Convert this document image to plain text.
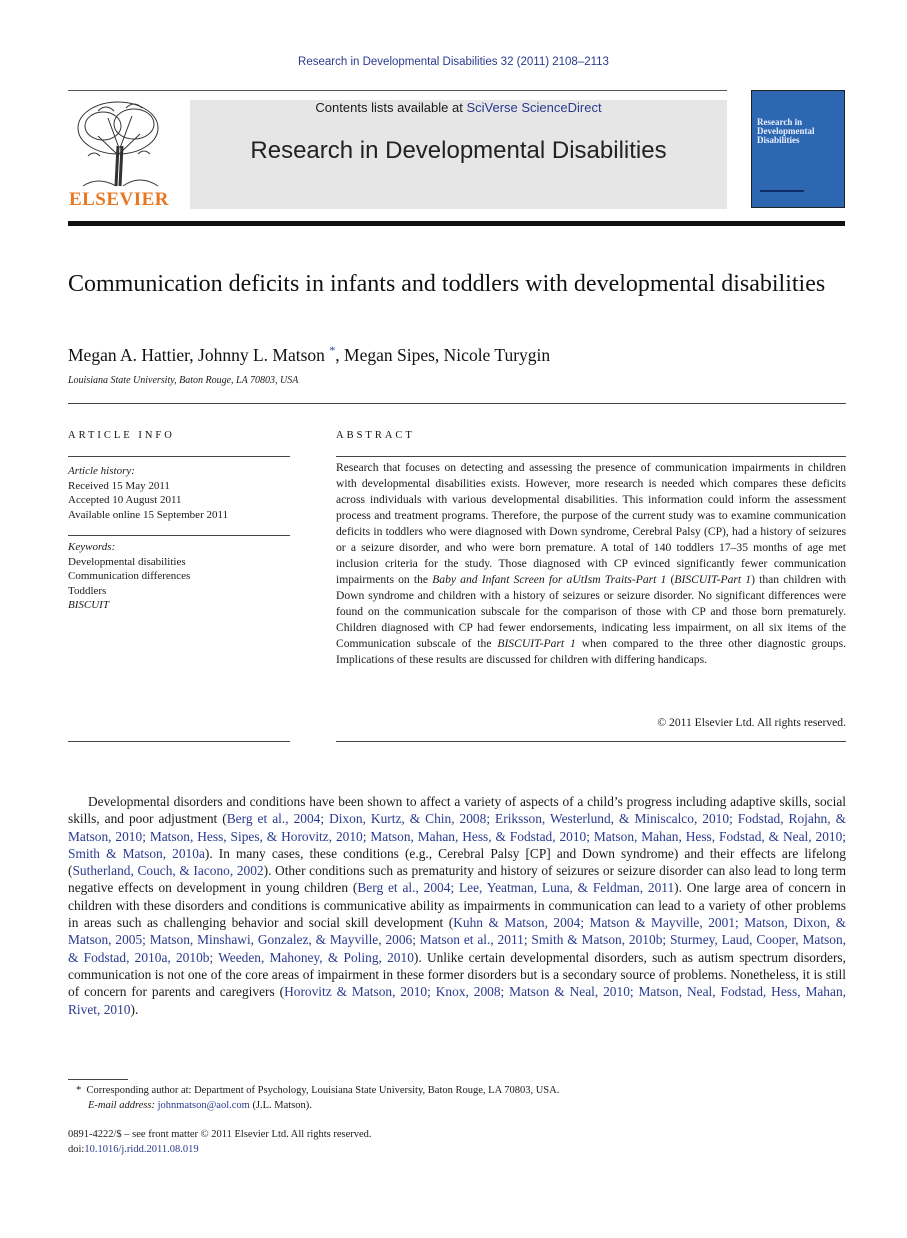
Research in Developmental Disabilities 32 (2011) 2108–2113
ELSEVIER
Contents lists available at SciVerse ScienceDirect
Research in Developmental Disabilities
Research in Developmental Disabilities
Communication deficits in infants and toddlers with developmental disabilities
Megan A. Hattier, Johnny L. Matson *, Megan Sipes, Nicole Turygin
Louisiana State University, Baton Rouge, LA 70803, USA
ARTICLE INFO
Article history:
Received 15 May 2011
Accepted 10 August 2011
Available online 15 September 2011
Keywords:
Developmental disabilities
Communication differences
Toddlers
BISCUIT
ABSTRACT
Research that focuses on detecting and assessing the presence of communication impairments in children with developmental disabilities exists. However, more research is needed which compares these deficits across individuals with various developmental disabilities. This information could inform the assessment process and treatment programs. Therefore, the purpose of the current study was to examine communication deficits in toddlers who were diagnosed with Down syndrome, Cerebral Palsy (CP), had a history of seizures or a seizure disorder, and who were born premature. A total of 140 toddlers 17–35 months of age met inclusion criteria for the study. Those diagnosed with CP evinced significantly fewer communication impairments on the Baby and Infant Screen for aUtIsm Traits-Part 1 (BISCUIT-Part 1) than children with Down syndrome and children with a history of seizures or seizure disorder. No significant differences were found on the communication subscale for the comparison of those with CP and those born prematurely. Children diagnosed with CP had fewer endorsements, indicating less impairment, on all six items of the Communication subscale of the BISCUIT-Part 1 when compared to the three other diagnostic groups. Implications of these results are discussed for children with differing handicaps.
© 2011 Elsevier Ltd. All rights reserved.
Developmental disorders and conditions have been shown to affect a variety of aspects of a child’s progress including adaptive skills, social skills, and poor adjustment (Berg et al., 2004; Dixon, Kurtz, & Chin, 2008; Eriksson, Westerlund, & Miniscalco, 2010; Fodstad, Rojahn, & Matson, 2010; Matson, Hess, Sipes, & Horovitz, 2010; Matson, Mahan, Hess, & Fodstad, 2010; Matson, Mahan, Hess, Fodstad, & Neal, 2010; Smith & Matson, 2010a). In many cases, these conditions (e.g., Cerebral Palsy [CP] and Down syndrome) and their effects are lifelong (Sutherland, Couch, & Iacono, 2002). Other conditions such as prematurity and history of seizures or seizure disorder can also lead to long term negative effects on development in young children (Berg et al., 2004; Lee, Yeatman, Luna, & Feldman, 2011). One large area of concern in children with these disorders and conditions is communicative ability as impairments in communication can lead to a variety of other problems in areas such as challenging behavior and social skill development (Kuhn & Matson, 2004; Matson & Mayville, 2001; Matson, Dixon, & Matson, 2005; Matson, Minshawi, Gonzalez, & Mayville, 2006; Matson et al., 2011; Smith & Matson, 2010b; Sturmey, Laud, Cooper, Matson, & Fodstad, 2010a, 2010b; Weeden, Mahoney, & Poling, 2010). Unlike certain developmental disorders, such as autism spectrum disorders, communication is not one of the core areas of impairment in these former disorders but is a secondary source of problems. Nonetheless, it is still of concern for parents and caregivers (Horovitz & Matson, 2010; Knox, 2008; Matson & Neal, 2010; Matson, Neal, Fodstad, Hess, Mahan, Rivet, 2010).
* Corresponding author at: Department of Psychology, Louisiana State University, Baton Rouge, LA 70803, USA.
E-mail address: johnmatson@aol.com (J.L. Matson).
0891-4222/$ – see front matter © 2011 Elsevier Ltd. All rights reserved.
doi:10.1016/j.ridd.2011.08.019
